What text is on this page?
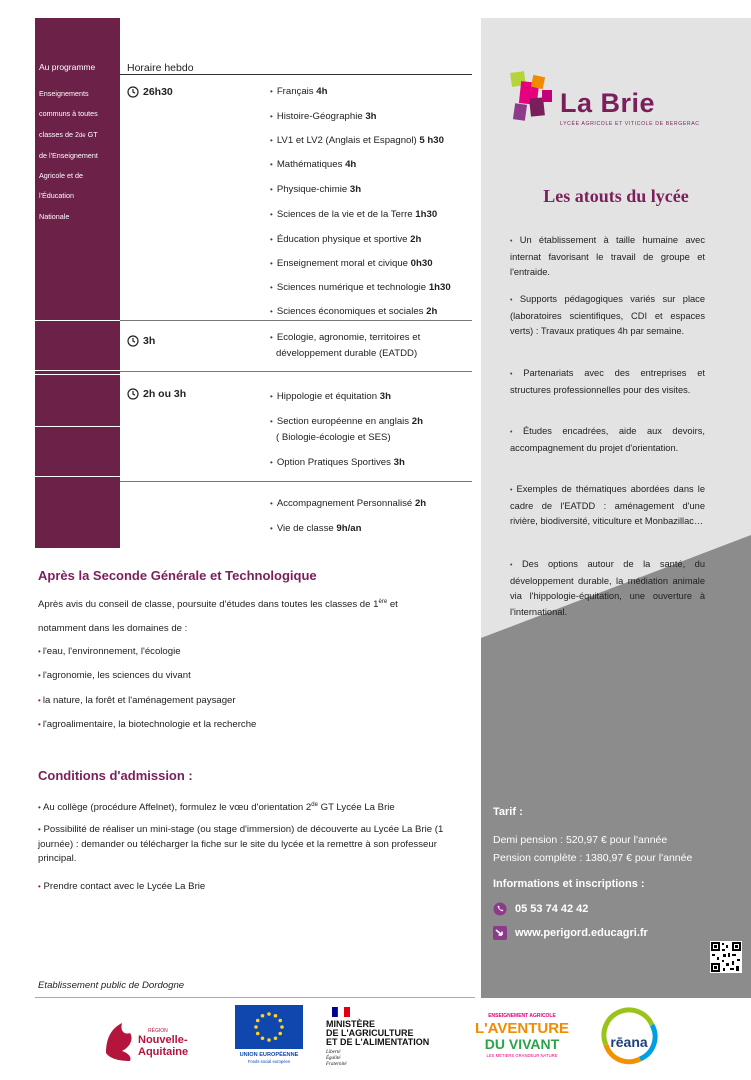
Au programme
Enseignements
communs à toutes
classes de 2de GT
de l'Enseignement
Agricole et de
l'Éducation
Nationale
Horaire hebdo
26h30
3h
2h ou 3h
• Français 4h
• Histoire-Géographie 3h
• LV1 et LV2 (Anglais et Espagnol) 5 h30
• Mathématiques 4h
• Physique-chimie 3h
• Sciences de la vie et de la Terre 1h30
• Éducation physique et sportive 2h
• Enseignement moral et civique 0h30
• Sciences numérique et technologie 1h30
• Sciences économiques et sociales 2h
• Ecologie, agronomie, territoires et
développement durable (EATDD)
• Hippologie et équitation 3h
• Section européenne en anglais 2h
( Biologie-écologie et SES)
• Option Pratiques Sportives 3h
• Accompagnement Personnalisé 2h
• Vie de classe 9h/an
Après la Seconde Générale et Technologique
Après avis du conseil de classe, poursuite d'études dans toutes les classes de 1ère et
notamment dans les domaines de :
• l'eau, l'environnement, l'écologie
• l'agronomie, les sciences du vivant
• la nature, la forêt et l'aménagement paysager
• l'agroalimentaire, la biotechnologie et la recherche
Conditions d'admission :
• Au collège (procédure Affelnet), formulez le vœu d'orientation 2de GT Lycée La Brie
• Possibilité de réaliser un mini-stage (ou stage d'immersion) de découverte au Lycée La Brie (1 journée) : demander ou télécharger la fiche sur le site du lycée et la remettre à son professeur principal.
• Prendre contact avec le Lycée La Brie
Etablissement public de Dordogne
La Brie
LYCÉE AGRICOLE ET VITICOLE DE BERGERAC
Les atouts du lycée
• Un établissement à taille humaine avec internat favorisant le travail de groupe et l'entraide.
• Supports pédagogiques variés sur place (laboratoires scientifiques, CDI et espaces verts) : Travaux pratiques 4h par semaine.
• Partenariats avec des entreprises et structures professionnelles pour des visites.
• Études encadrées, aide aux devoirs, accompagnement du projet d'orientation.
• Exemples de thématiques abordées dans le cadre de l'EATDD : aménagement d'une rivière, biodiversité, viticulture et Monbazillac…
• Des options autour de la santé, du développement durable, la médiation animale via l'hippologie-équitation, une ouverture à l'international.
Tarif :
Demi pension : 520,97 € pour l'année
Pension complète : 1380,97 € pour l'année
Informations et inscriptions :
05 53 74 42 42
www.perigord.educagri.fr
RÉGION
Nouvelle-
Aquitaine	UNION EUROPÉENNE
Fonds social européen
MINISTÈRE
DE L'AGRICULTURE
ET DE L'ALIMENTATION
Liberté
Égalité
Fraternité
ENSEIGNEMENT AGRICOLE
L'AVENTURE
DU VIVANT
LES MÉTIERS GRANDEUR NATURE
rēana
